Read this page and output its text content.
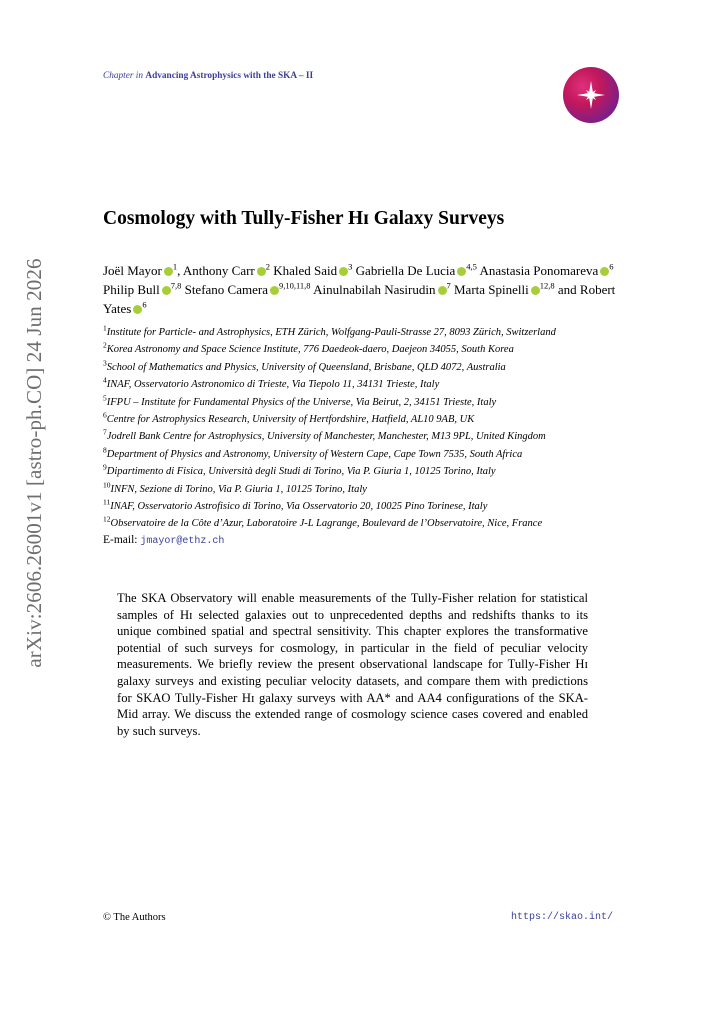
arXiv:2606.26001v1 [astro-ph.CO] 24 Jun 2026
Chapter in Advancing Astrophysics with the SKA – II
Cosmology with Tully-Fisher Hɪ Galaxy Surveys
Joël Mayor $^1$, Anthony Carr $^2$ Khaled Said $^3$ Gabriella De Lucia $^{4,5}$ Anastasia Ponomareva $^6$ Philip Bull $^{7,8}$ Stefano Camera $^{9,10,11,8}$ Ainulnabilah Nasirudin $^7$ Marta Spinelli $^{12,8}$ and Robert Yates $^6$
$^1$Institute for Particle- and Astrophysics, ETH Zürich, Wolfgang-Pauli-Strasse 27, 8093 Zürich, Switzerland
$^2$Korea Astronomy and Space Science Institute, 776 Daedeok-daero, Daejeon 34055, South Korea
$^3$School of Mathematics and Physics, University of Queensland, Brisbane, QLD 4072, Australia
$^4$INAF, Osservatorio Astronomico di Trieste, Via Tiepolo 11, 34131 Trieste, Italy
$^5$IFPU – Institute for Fundamental Physics of the Universe, Via Beirut, 2, 34151 Trieste, Italy
$^6$Centre for Astrophysics Research, University of Hertfordshire, Hatfield, AL10 9AB, UK
$^7$Jodrell Bank Centre for Astrophysics, University of Manchester, Manchester, M13 9PL, United Kingdom
$^8$Department of Physics and Astronomy, University of Western Cape, Cape Town 7535, South Africa
$^9$Dipartimento di Fisica, Università degli Studi di Torino, Via P. Giuria 1, 10125 Torino, Italy
$^{10}$INFN, Sezione di Torino, Via P. Giuria 1, 10125 Torino, Italy
$^{11}$INAF, Osservatorio Astrofisico di Torino, Via Osservatorio 20, 10025 Pino Torinese, Italy
$^{12}$Observatoire de la Côte d’Azur, Laboratoire J-L Lagrange, Boulevard de l’Observatoire, Nice, France
E-mail: jmayor@ethz.ch
The SKA Observatory will enable measurements of the Tully-Fisher relation for statistical samples of Hɪ selected galaxies out to unprecedented depths and redshifts thanks to its unique combined spatial and spectral sensitivity. This chapter explores the transformative potential of such surveys for cosmology, in particular in the field of peculiar velocity measurements. We briefly review the present observational landscape for Tully-Fisher Hɪ galaxy surveys and existing peculiar velocity datasets, and compare them with predictions for SKAO Tully-Fisher Hɪ galaxy surveys with AA* and AA4 configurations of the SKA-Mid array. We discuss the extended range of cosmology science cases covered and enabled by such surveys.
© The Authors	https://skao.int/
